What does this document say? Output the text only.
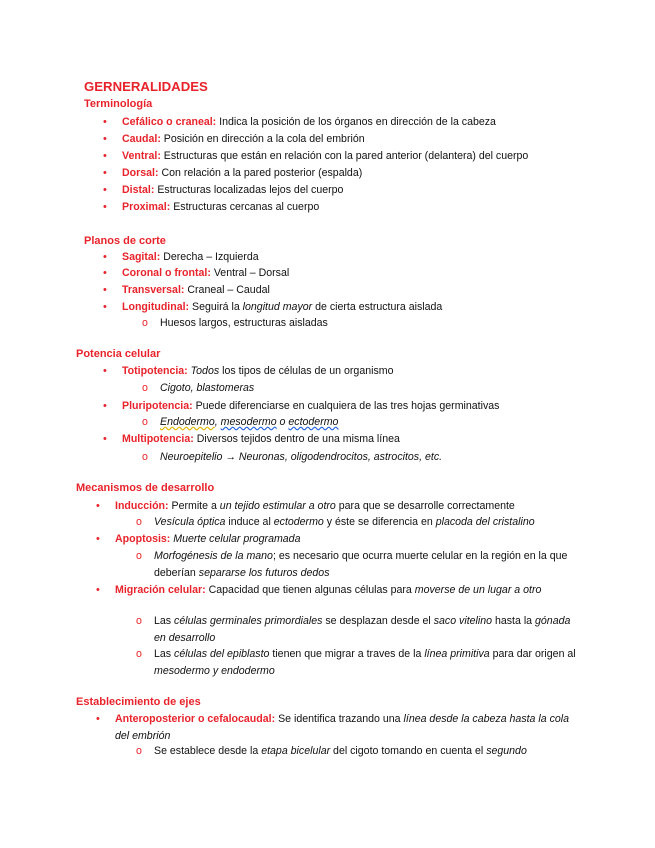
GERNERALIDADES
Terminología
• Cefálico o craneal: Indica la posición de los órganos en dirección de la cabeza
• Caudal: Posición en dirección a la cola del embrión
• Ventral: Estructuras que están en relación con la pared anterior (delantera) del cuerpo
• Dorsal: Con relación a la pared posterior (espalda)
• Distal: Estructuras localizadas lejos del cuerpo
• Proximal: Estructuras cercanas al cuerpo
Planos de corte
• Sagital: Derecha – Izquierda
• Coronal o frontal: Ventral – Dorsal
• Transversal: Craneal – Caudal
• Longitudinal: Seguirá la longitud mayor de cierta estructura aislada
o Huesos largos, estructuras aisladas
Potencia celular
• Totipotencia: Todos los tipos de células de un organismo
o Cigoto, blastomeras
• Pluripotencia: Puede diferenciarse en cualquiera de las tres hojas germinativas
o Endodermo, mesodermo o ectodermo
• Multipotencia: Diversos tejidos dentro de una misma línea
o Neuroepitelio → Neuronas, oligodendrocitos, astrocitos, etc.
Mecanismos de desarrollo
• Inducción: Permite a un tejido estimular a otro para que se desarrolle correctamente
o Vesícula óptica induce al ectodermo y éste se diferencia en placoda del cristalino
• Apoptosis: Muerte celular programada
o Morfogénesis de la mano; es necesario que ocurra muerte celular en la región en la que deberían separarse los futuros dedos
• Migración celular: Capacidad que tienen algunas células para moverse de un lugar a otro
o Las células germinales primordiales se desplazan desde el saco vitelino hasta la gónada en desarrollo
o Las células del epiblasto tienen que migrar a traves de la línea primitiva para dar origen al mesodermo y endodermo
Establecimiento de ejes
• Anteroposterior o cefalocaudal: Se identifica trazando una línea desde la cabeza hasta la cola del embrión
o Se establece desde la etapa bicelular del cigoto tomando en cuenta el segundo
